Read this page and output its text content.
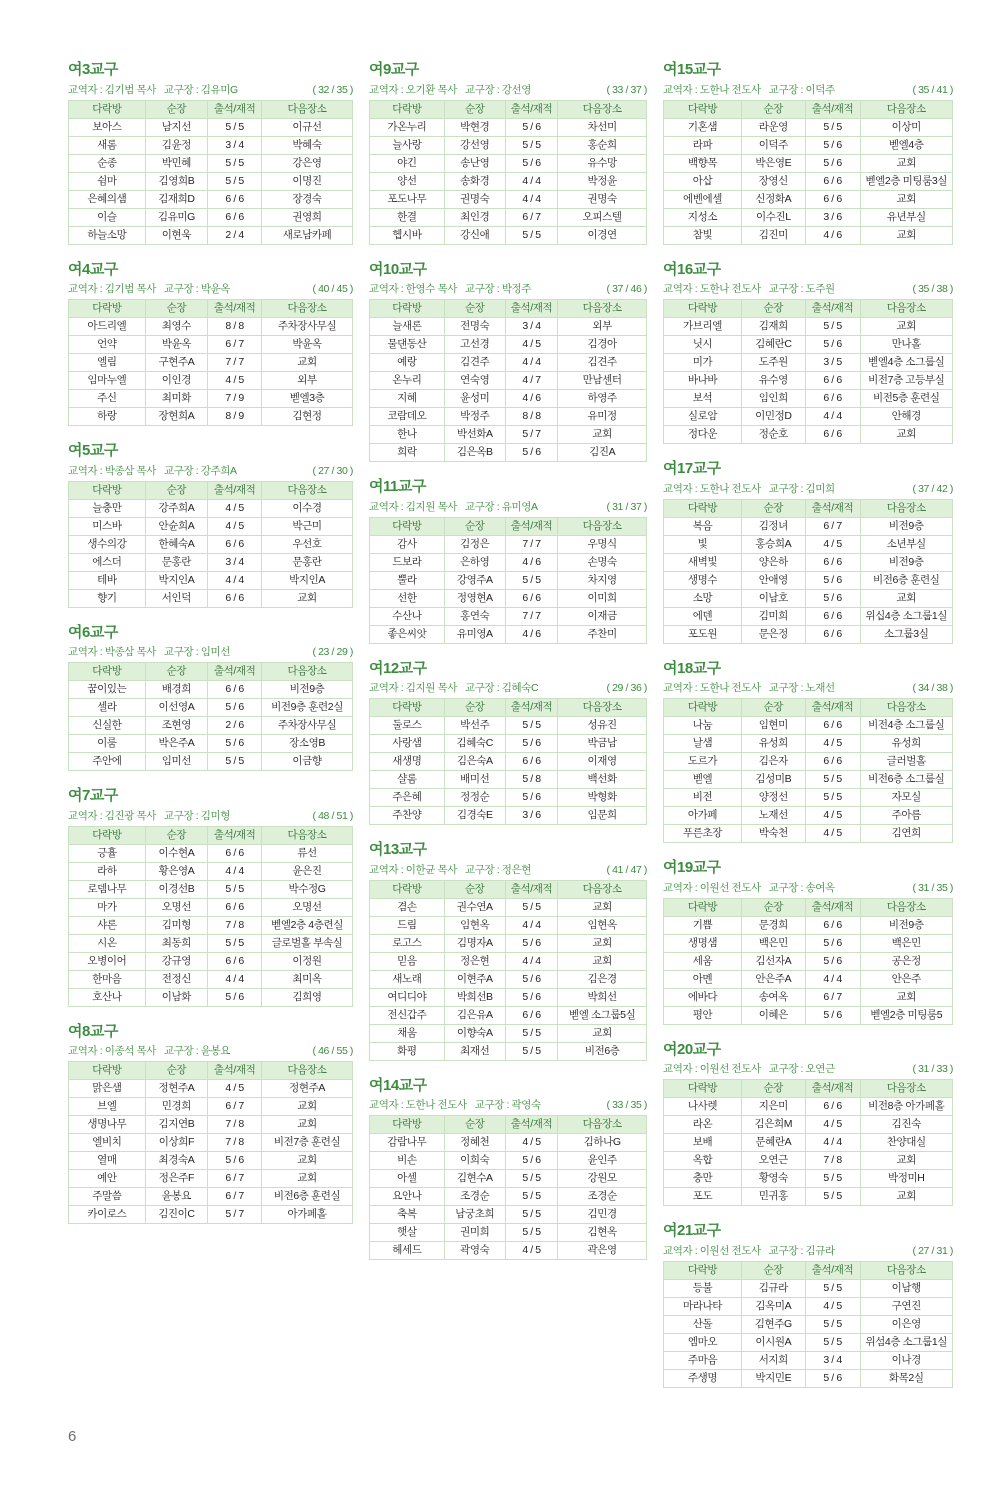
여3교구
교역자 : 김기범 목사 교구장 : 김유미G	( 32 / 35 )
다락방	순장	출석/재적	다음장소
보아스	남지선	5 / 5	이규선
새롬	김윤정	3 / 4	박혜숙
순종	박민혜	5 / 5	강은영
쉼마	김영희B	5 / 5	이명진
은혜의샘	김재희D	6 / 6	장경숙
이슬	김유미G	6 / 6	권영희
하늘소망	이현욱	2 / 4	새로남카페
여4교구
교역자 : 김기범 목사 교구장 : 박윤옥	( 40 / 45 )
다락방	순장	출석/재적	다음장소
아드리엘	최영수	8 / 8	주차장사무실
언약	박윤옥	6 / 7	박윤옥
엘림	구현주A	7 / 7	교회
임마누엘	이인경	4 / 5	외부
주신	최미화	7 / 9	벧엘3층
하랑	장현희A	8 / 9	김현정
여5교구
교역자 : 박종삼 목사 교구장 : 강주희A	( 27 / 30 )
다락방	순장	출석/재적	다음장소
늘충만	강주희A	4 / 5	이수경
미스바	안슌희A	4 / 5	박근미
생수의강	한혜숙A	6 / 6	우선호
에스더	문홍란	3 / 4	문홍란
테바	박지인A	4 / 4	박지인A
향기	서인덕	6 / 6	교회
여6교구
교역자 : 박종삼 목사 교구장 : 임미선	( 23 / 29 )
다락방	순장	출석/재적	다음장소
꿈이있는	배경희	6 / 6	비전9층
셀라	이선영A	5 / 6	비전9층 훈련2실
신실한	조현영	2 / 6	주차장사무실
이룸	박은주A	5 / 6	장소영B
주안에	임미선	5 / 5	이금향
여7교구
교역자 : 김진광 목사 교구장 : 김미형	( 48 / 51 )
다락방	순장	출석/재적	다음장소
긍휼	이수현A	6 / 6	류선
라하	황은영A	4 / 4	윤은진
로뎀나무	이경선B	5 / 5	박수정G
마가	오명선	6 / 6	오명선
샤론	김미형	7 / 8	벧엘2층 4층련실
시온	최동희	5 / 5	글로벌홀 부속실
오병이어	강규영	6 / 6	이정원
한마음	전정신	4 / 4	최미옥
호산나	이남화	5 / 6	김희영
여8교구
교역자 : 이종석 목사 교구장 : 윤봉요	( 46 / 55 )
다락방	순장	출석/재적	다음장소
맑은샘	정현주A	4 / 5	정현주A
브엘	민경희	6 / 7	교회
생명나무	김지연B	7 / 8	교회
엘비치	이상희F	7 / 8	비전7층 훈련실
열매	최경숙A	5 / 6	교회
예안	정은주F	6 / 7	교회
주말씀	윤봉요	6 / 7	비전6층 훈련실
카이로스	김진이C	5 / 7	아가페홀
여9교구
교역자 : 오기환 목사 교구장 : 강선영	( 33 / 37 )
다락방	순장	출석/재적	다음장소
가온누리	박현경	5 / 6	차선미
늘사랑	강선영	5 / 5	홍순희
야긴	송난영	5 / 6	유수망
양선	송화경	4 / 4	박정윤
포도나무	권명숙	4 / 4	권명숙
한결	최인경	6 / 7	오피스텔
헵시바	강신애	5 / 5	이경연
여10교구
교역자 : 한영수 목사 교구장 : 박정주	( 37 / 46 )
다락방	순장	출석/재적	다음장소
늘새론	전명숙	3 / 4	외부
물댄동산	고선경	4 / 5	김경아
예랑	김견주	4 / 4	김견주
온누리	연숙영	4 / 7	만남센터
지혜	윤성미	4 / 6	하영주
코람데오	박정주	8 / 8	유미정
한나	박선화A	5 / 7	교회
희락	김은옥B	5 / 6	김진A
여11교구
교역자 : 김지원 목사 교구장 : 유미영A	( 31 / 37 )
다락방	순장	출석/재적	다음장소
감사	김정은	7 / 7	우명식
드보라	은하영	4 / 6	손명숙
뿔라	강영주A	5 / 5	차지영
선한	정영현A	6 / 6	이미희
수산나	홍연숙	7 / 7	이재금
좋은씨앗	유미영A	4 / 6	주찬미
여12교구
교역자 : 김지원 목사 교구장 : 김혜숙C	( 29 / 36 )
다락방	순장	출석/재적	다음장소
둘로스	박선주	5 / 5	성유진
사랑샘	김혜숙C	5 / 6	박금남
새생명	김은숙A	6 / 6	이재영
샬롬	배미선	5 / 8	백선화
주은혜	정정순	5 / 6	박형화
주찬양	김경숙E	3 / 6	임문희
여13교구
교역자 : 이한균 목사 교구장 : 정은현	( 41 / 47 )
다락방	순장	출석/재적	다음장소
겸손	권수연A	5 / 5	교회
드림	임현옥	4 / 4	임현옥
로고스	김명자A	5 / 6	교회
믿음	정은현	4 / 4	교회
새노래	이현주A	5 / 6	김은경
여디디야	박희선B	5 / 6	박희선
전신갑주	김은유A	6 / 6	벧엘 소그룹5실
채움	이향숙A	5 / 5	교회
화평	최재선	5 / 5	비전6층
여14교구
교역자 : 도한나 전도사 교구장 : 곽영숙	( 33 / 35 )
다락방	순장	출석/재적	다음장소
감람나무	정혜천	4 / 5	김하나G
비손	이희숙	5 / 6	윤인주
아셀	김현수A	5 / 5	강원모
요안나	조경순	5 / 5	조경순
축복	남궁초희	5 / 5	김민경
햇살	권미희	5 / 5	김현옥
헤세드	곽영숙	4 / 5	곽은영
여15교구
교역자 : 도한나 전도사 교구장 : 이덕주	( 35 / 41 )
다락방	순장	출석/재적	다음장소
기혼샘	라운영	5 / 5	이상미
라파	이덕주	5 / 6	벧엘4층
백향목	박은영E	5 / 6	교회
아삽	장영신	6 / 6	벧엘2층 미팅룸3실
에벤에셀	신정화A	6 / 6	교회
지성소	이수진L	3 / 6	유년부실
참빛	김진미	4 / 6	교회
여16교구
교역자 : 도한나 전도사 교구장 : 도주원	( 35 / 38 )
다락방	순장	출석/재적	다음장소
가브리엘	김재희	5 / 5	교회
닛시	김혜란C	5 / 6	만나홀
미가	도주원	3 / 5	벧엘4층 소그룹실
바나바	유수영	6 / 6	비전7층 고등부실
보석	임인희	6 / 6	비전5층 훈련실
실로암	이민정D	4 / 4	안해경
정다운	정순호	6 / 6	교회
여17교구
교역자 : 도한나 전도사 교구장 : 김미희	( 37 / 42 )
다락방	순장	출석/재적	다음장소
복음	김정녀	6 / 7	비전9층
빛	홍승희A	4 / 5	소년부실
새벽빛	양은하	6 / 6	비전9층
생명수	안애영	5 / 6	비전6층 훈련실
소망	이남호	5 / 6	교회
에덴	김미희	6 / 6	위십4층 소그룹1실
포도원	문은정	6 / 6	소그룹3실
여18교구
교역자 : 도한나 전도사 교구장 : 노재선	( 34 / 38 )
다락방	순장	출석/재적	다음장소
나눔	임현미	6 / 6	비전4층 소그룹실
날샘	유성희	4 / 5	유성희
도르가	김은자	6 / 6	글러벌홀
벧엘	김성미B	5 / 5	비전6층 소그룹실
비전	양정선	5 / 5	자모실
아가페	노재선	4 / 5	주아름
푸른초장	박숙천	4 / 5	김연희
여19교구
교역자 : 이원선 전도사 교구장 : 송여옥	( 31 / 35 )
다락방	순장	출석/재적	다음장소
기쁨	문경희	6 / 6	비전9층
생명샘	백은민	5 / 6	백은민
세움	김선자A	5 / 6	공은정
아멘	안은주A	4 / 4	안은주
에바다	송여옥	6 / 7	교회
평안	이혜은	5 / 6	벧엘2층 미팅룸5
여20교구
교역자 : 이원선 전도사 교구장 : 오연근	( 31 / 33 )
다락방	순장	출석/재적	다음장소
나사렛	지은미	6 / 6	비전8층 아가페홀
라온	김은희M	4 / 5	김진숙
보배	문혜란A	4 / 4	찬양대실
옥합	오연근	7 / 8	교회
충만	황영숙	5 / 5	박정미H
포도	민귀홍	5 / 5	교회
여21교구
교역자 : 이원선 전도사 교구장 : 김규라	( 27 / 31 )
다락방	순장	출석/재적	다음장소
등불	김규라	5 / 5	이남행
마라나타	김옥미A	4 / 5	구연진
산돌	김현주G	5 / 5	이은영
엠마오	이시원A	5 / 5	위섬4층 소그룹1실
주마음	서지희	3 / 4	이나경
주생명	박지민E	5 / 6	화목2실
6
